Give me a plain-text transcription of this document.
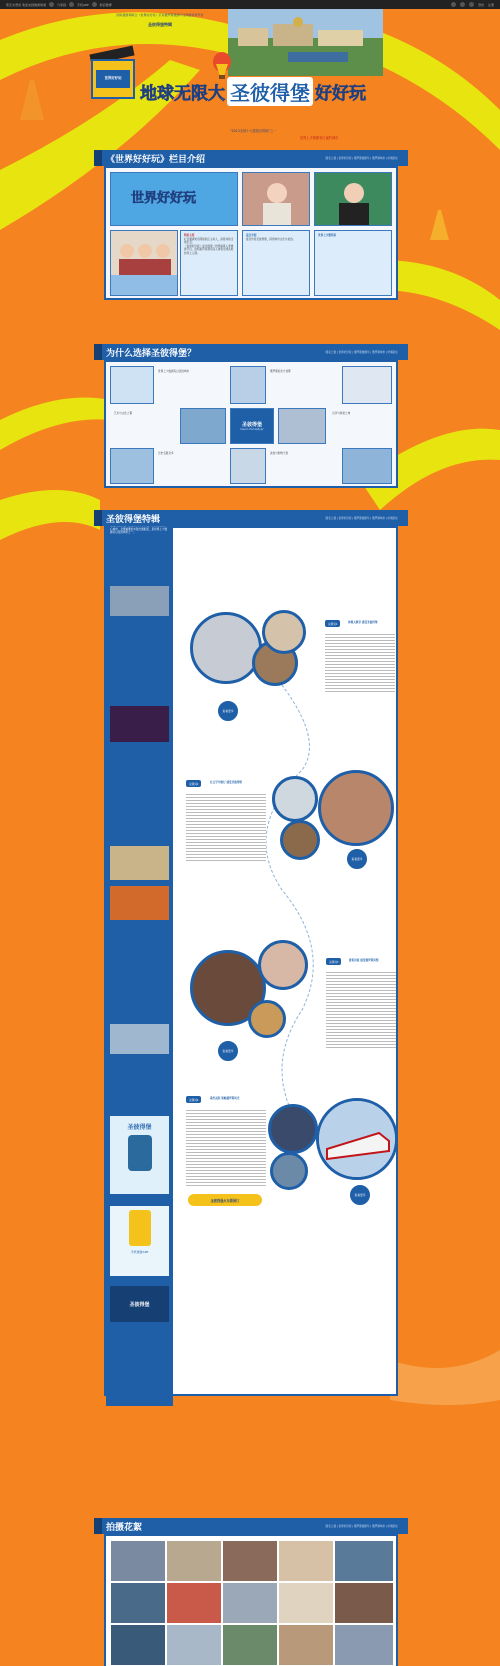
您还未登录 欢迎来到旅游频道	分享到	手机APP	新浪微博	登录 注册
国家旅游局联合《世界好好玩》打造俄罗斯旅游中文网络宣传平台
圣彼得堡特辑
世界好好玩
地球无限大 圣彼得堡 好好玩
“2013全球十大旅游目的地”之一
世界上少数拥有白夜的城市
《世界好好玩》栏目介绍	国家之窗 | 世界好好玩 | 俄罗斯旅游年 | 俄罗斯城市 | 吃喝玩乐
世界好好玩
明星主持
栏目邀请知名明星担任主持人，深度体验当地生活。
《世界好好玩》是中国第一档明星真人秀旅游节目，由明星带领观众深入体验全球各地的风土人情。
嘉宾介绍
嘉宾作客圣彼得堡，探索城市文化与美食。
世界上少数明星
为什么选择圣彼得堡？	国家之窗 | 世界好好玩 | 俄罗斯旅游年 | 俄罗斯城市 | 吃喝玩乐
世界上少数拥有白夜的城市	俄罗斯的北方首都
艺术与文化之都
圣彼得堡
Санкт-Петербург
运河与桥梁之城
历史名胜众多	美食与购物天堂
圣彼得堡特辑	国家之窗 | 世界好好玩 | 俄罗斯旅游年 | 俄罗斯城市 | 吃喝玩乐
心城市，全俄重要的水陆交通枢纽，是世界上少数拥有白夜的城市之一。
圣彼得堡
手机旅游APP
圣彼得堡
查看更多
关键词1	参观大教堂 感受圣彼得堡
关键词2	在文学中旅行 感受圣彼得堡
查看更多
查看更多
关键词3	游览河流 感受俄罗斯风情
关键词4	乘坐高铁 领略俄罗斯风光
查看更多
圣彼得堡火车票预订
拍摄花絮	国家之窗 | 世界好好玩 | 俄罗斯旅游年 | 俄罗斯城市 | 吃喝玩乐
